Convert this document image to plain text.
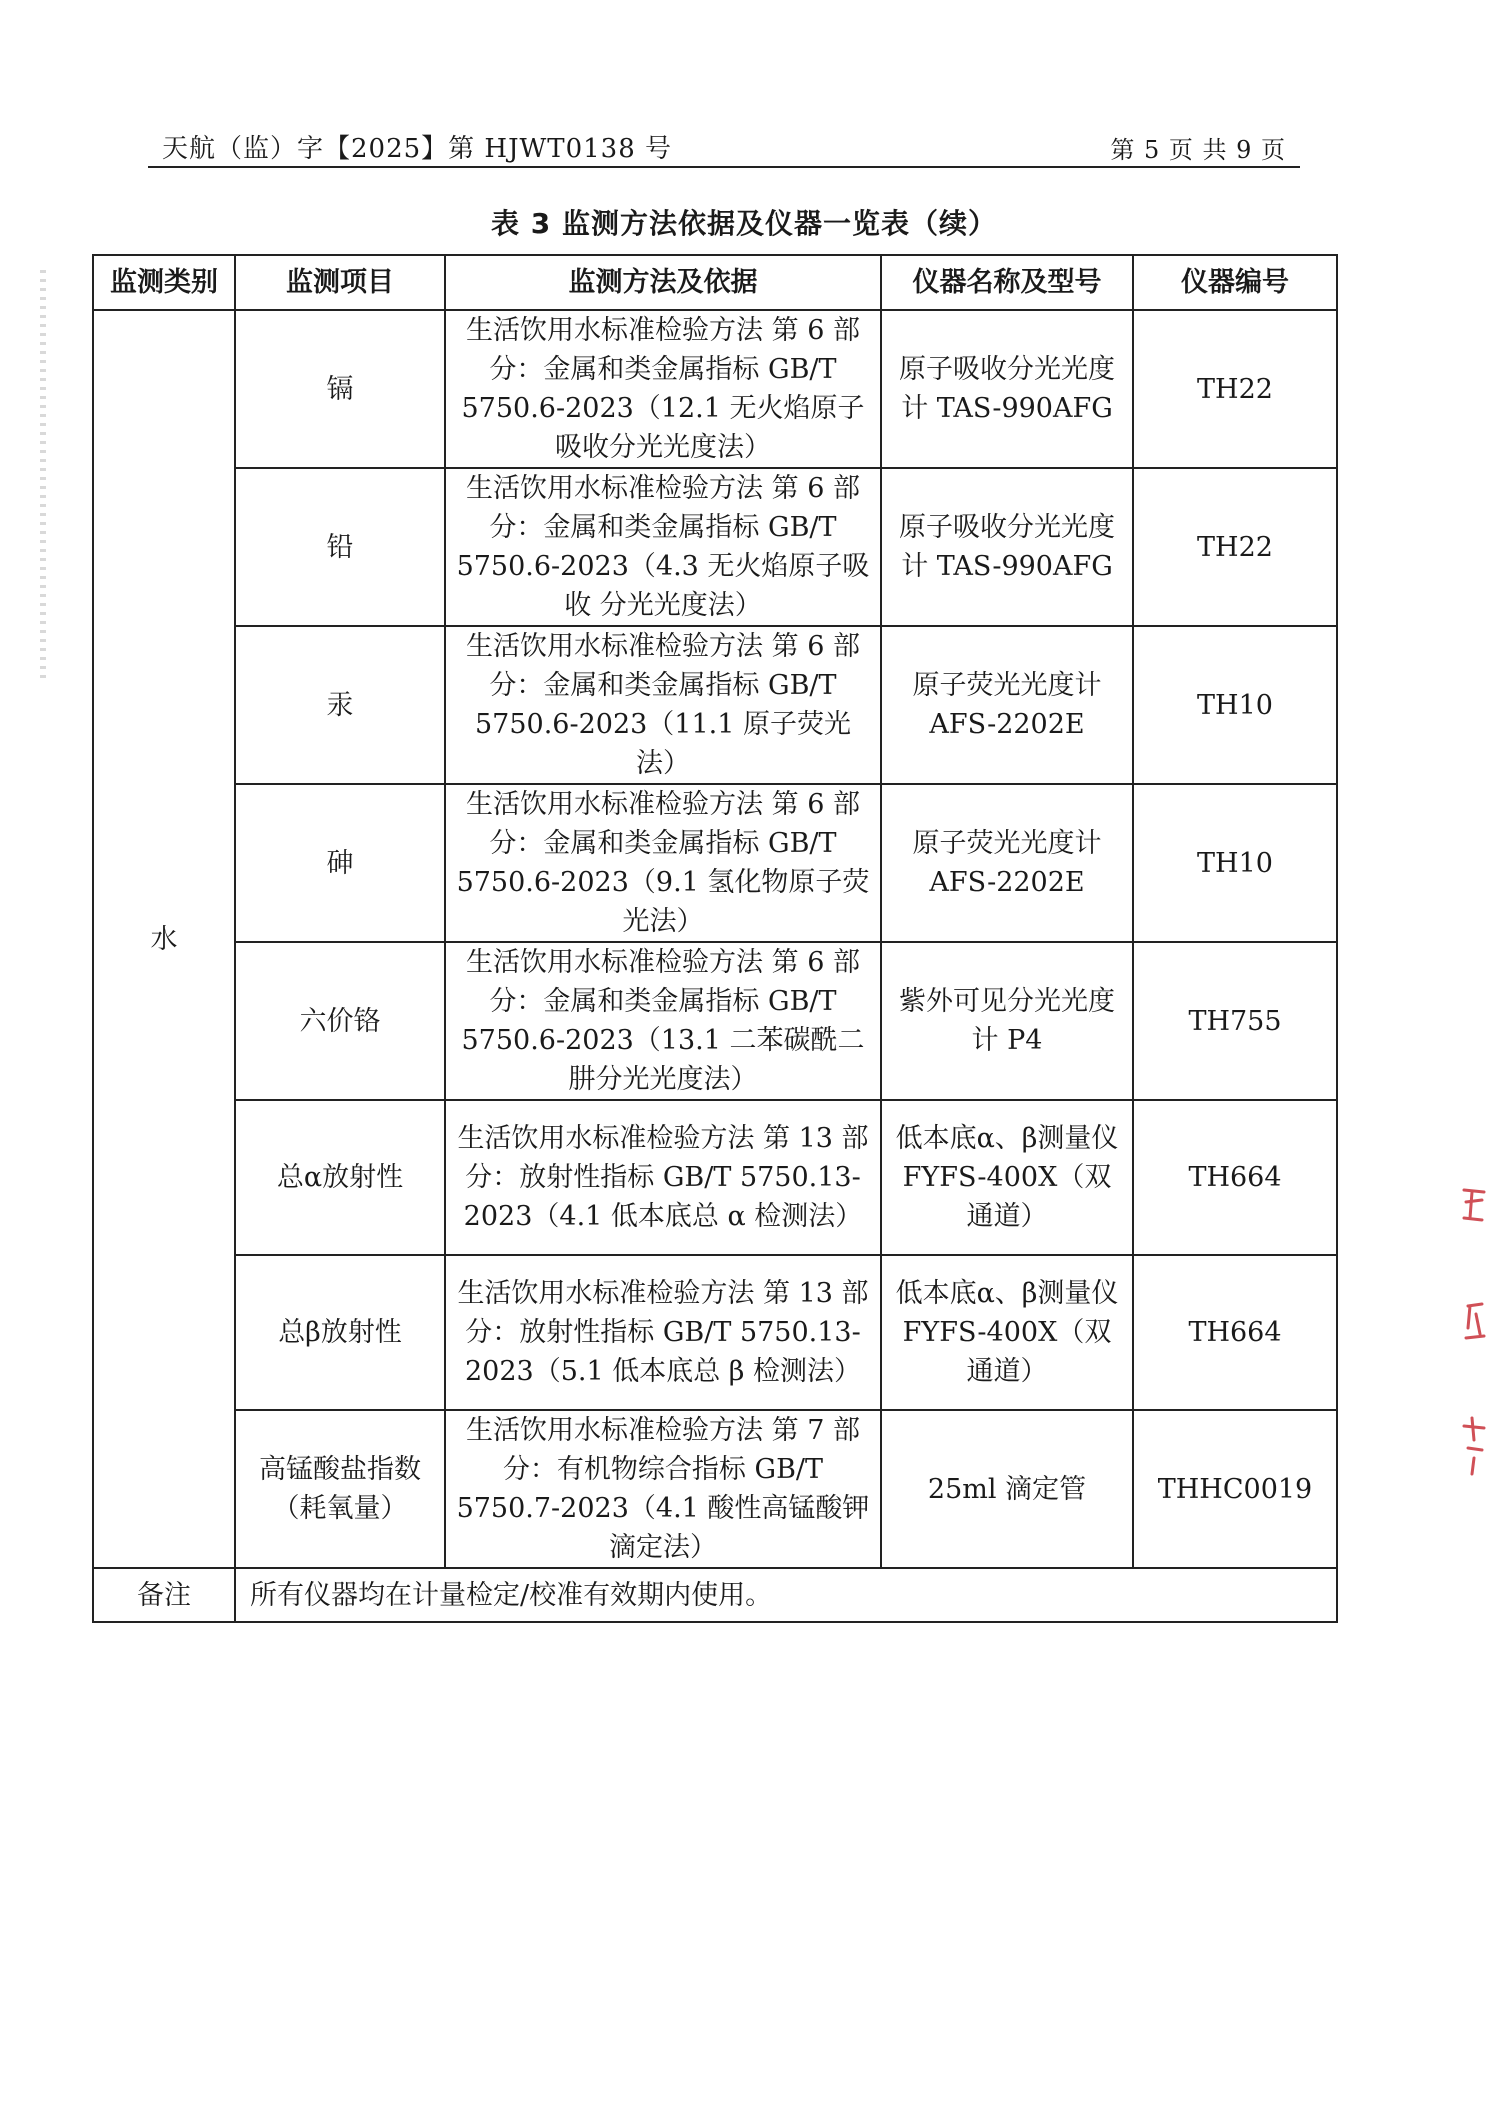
天航（监）字【2025】第 HJWT0138 号	第 5 页 共 9 页
表 3 监测方法依据及仪器一览表（续）
监测类别	监测项目	监测方法及依据	仪器名称及型号	仪器编号
水	镉	生活饮用水标准检验方法 第 6 部分：金属和类金属指标 GB/T 5750.6-2023（12.1 无火焰原子吸收分光光度法）	原子吸收分光光度计 TAS-990AFG	TH22
	铅	生活饮用水标准检验方法 第 6 部分：金属和类金属指标 GB/T 5750.6-2023（4.3 无火焰原子吸收 分光光度法）	原子吸收分光光度计 TAS-990AFG	TH22
	汞	生活饮用水标准检验方法 第 6 部分：金属和类金属指标 GB/T 5750.6-2023（11.1 原子荧光法）	原子荧光光度计 AFS-2202E	TH10
	砷	生活饮用水标准检验方法 第 6 部分：金属和类金属指标 GB/T 5750.6-2023（9.1 氢化物原子荧光法）	原子荧光光度计 AFS-2202E	TH10
	六价铬	生活饮用水标准检验方法 第 6 部分：金属和类金属指标 GB/T 5750.6-2023（13.1 二苯碳酰二肼分光光度法）	紫外可见分光光度计 P4	TH755
	总α放射性	生活饮用水标准检验方法 第 13 部分：放射性指标 GB/T 5750.13-2023（4.1 低本底总 α 检测法）	低本底α、β测量仪 FYFS-400X（双通道）	TH664
	总β放射性	生活饮用水标准检验方法 第 13 部分：放射性指标 GB/T 5750.13-2023（5.1 低本底总 β 检测法）	低本底α、β测量仪 FYFS-400X（双通道）	TH664
	高锰酸盐指数（耗氧量）	生活饮用水标准检验方法 第 7 部分：有机物综合指标 GB/T 5750.7-2023（4.1 酸性高锰酸钾滴定法）	25ml 滴定管	THHC0019
备注	所有仪器均在计量检定/校准有效期内使用。			
